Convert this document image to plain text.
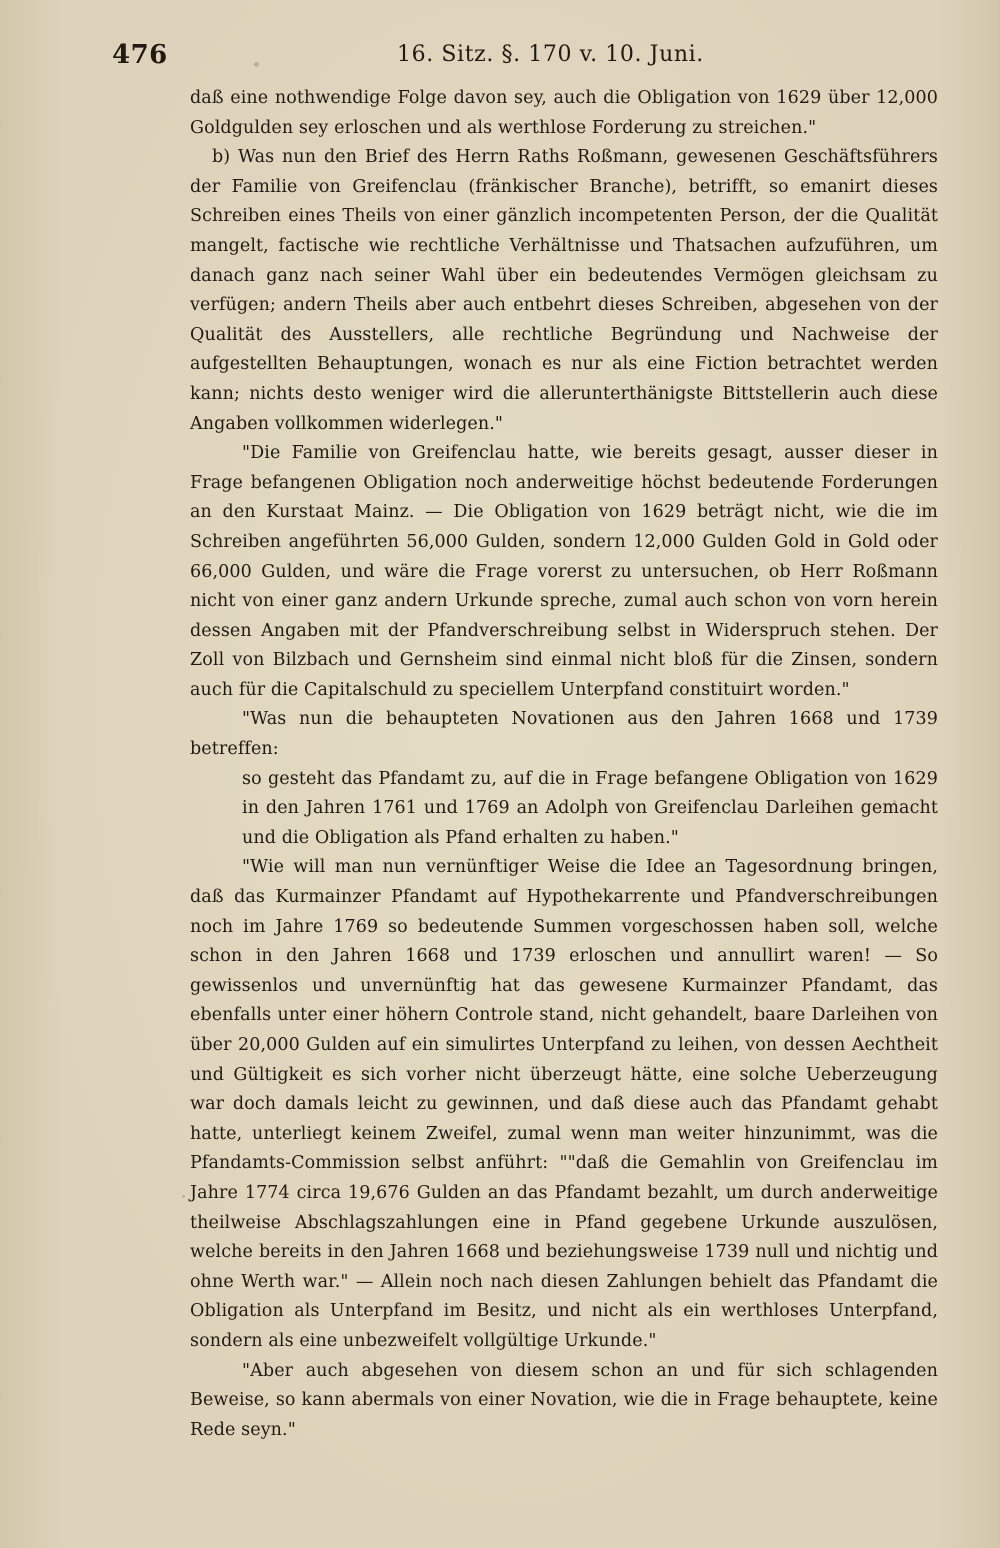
476	16. Sitz. §. 170 v. 10. Juni.

daß eine nothwendige Folge davon sey, auch die Obligation von 1629 über 12,000 Goldgulden sey erloschen und als werthlose Forderung zu streichen."

b) Was nun den Brief des Herrn Raths Roßmann, gewesenen Geschäftsführers der Familie von Greifenclau (fränkischer Branche), betrifft, so emanirt dieses Schreiben eines Theils von einer gänzlich incompetenten Person, der die Qualität mangelt, factische wie rechtliche Verhältnisse und Thatsachen aufzuführen, um danach ganz nach seiner Wahl über ein bedeutendes Vermögen gleichsam zu verfügen; andern Theils aber auch entbehrt dieses Schreiben, abgesehen von der Qualität des Ausstellers, alle rechtliche Begründung und Nachweise der aufgestellten Behauptungen, wonach es nur als eine Fiction betrachtet werden kann; nichts desto weniger wird die allerunterthänigste Bittstellerin auch diese Angaben vollkommen widerlegen."

"Die Familie von Greifenclau hatte, wie bereits gesagt, ausser dieser in Frage befangenen Obligation noch anderweitige höchst bedeutende Forderungen an den Kurstaat Mainz. — Die Obligation von 1629 beträgt nicht, wie die im Schreiben angeführten 56,000 Gulden, sondern 12,000 Gulden Gold in Gold oder 66,000 Gulden, und wäre die Frage vorerst zu untersuchen, ob Herr Roßmann nicht von einer ganz andern Urkunde spreche, zumal auch schon von vorn herein dessen Angaben mit der Pfandverschreibung selbst in Widerspruch stehen. Der Zoll von Bilzbach und Gernsheim sind einmal nicht bloß für die Zinsen, sondern auch für die Capitalschuld zu speciellem Unterpfand constituirt worden."

"Was nun die behaupteten Novationen aus den Jahren 1668 und 1739 betreffen:

so gesteht das Pfandamt zu, auf die in Frage befangene Obligation von 1629 in den Jahren 1761 und 1769 an Adolph von Greifenclau Darleihen gemacht und die Obligation als Pfand erhalten zu haben."

"Wie will man nun vernünftiger Weise die Idee an Tagesordnung bringen, daß das Kurmainzer Pfandamt auf Hypothekarrente und Pfandverschreibungen noch im Jahre 1769 so bedeutende Summen vorgeschossen haben soll, welche schon in den Jahren 1668 und 1739 erloschen und annullirt waren! — So gewissenlos und unvernünftig hat das gewesene Kurmainzer Pfandamt, das ebenfalls unter einer höhern Controle stand, nicht gehandelt, baare Darleihen von über 20,000 Gulden auf ein simulirtes Unterpfand zu leihen, von dessen Aechtheit und Gültigkeit es sich vorher nicht überzeugt hätte, eine solche Ueberzeugung war doch damals leicht zu gewinnen, und daß diese auch das Pfandamt gehabt hatte, unterliegt keinem Zweifel, zumal wenn man weiter hinzunimmt, was die Pfandamts-Commission selbst anführt: ""daß die Gemahlin von Greifenclau im Jahre 1774 circa 19,676 Gulden an das Pfandamt bezahlt, um durch anderweitige theilweise Abschlagszahlungen eine in Pfand gegebene Urkunde auszulösen, welche bereits in den Jahren 1668 und beziehungsweise 1739 null und nichtig und ohne Werth war." — Allein noch nach diesen Zahlungen behielt das Pfandamt die Obligation als Unterpfand im Besitz, und nicht als ein werthloses Unterpfand, sondern als eine unbezweifelt vollgültige Urkunde."

"Aber auch abgesehen von diesem schon an und für sich schlagenden Beweise, so kann abermals von einer Novation, wie die in Frage behauptete, keine Rede seyn."
